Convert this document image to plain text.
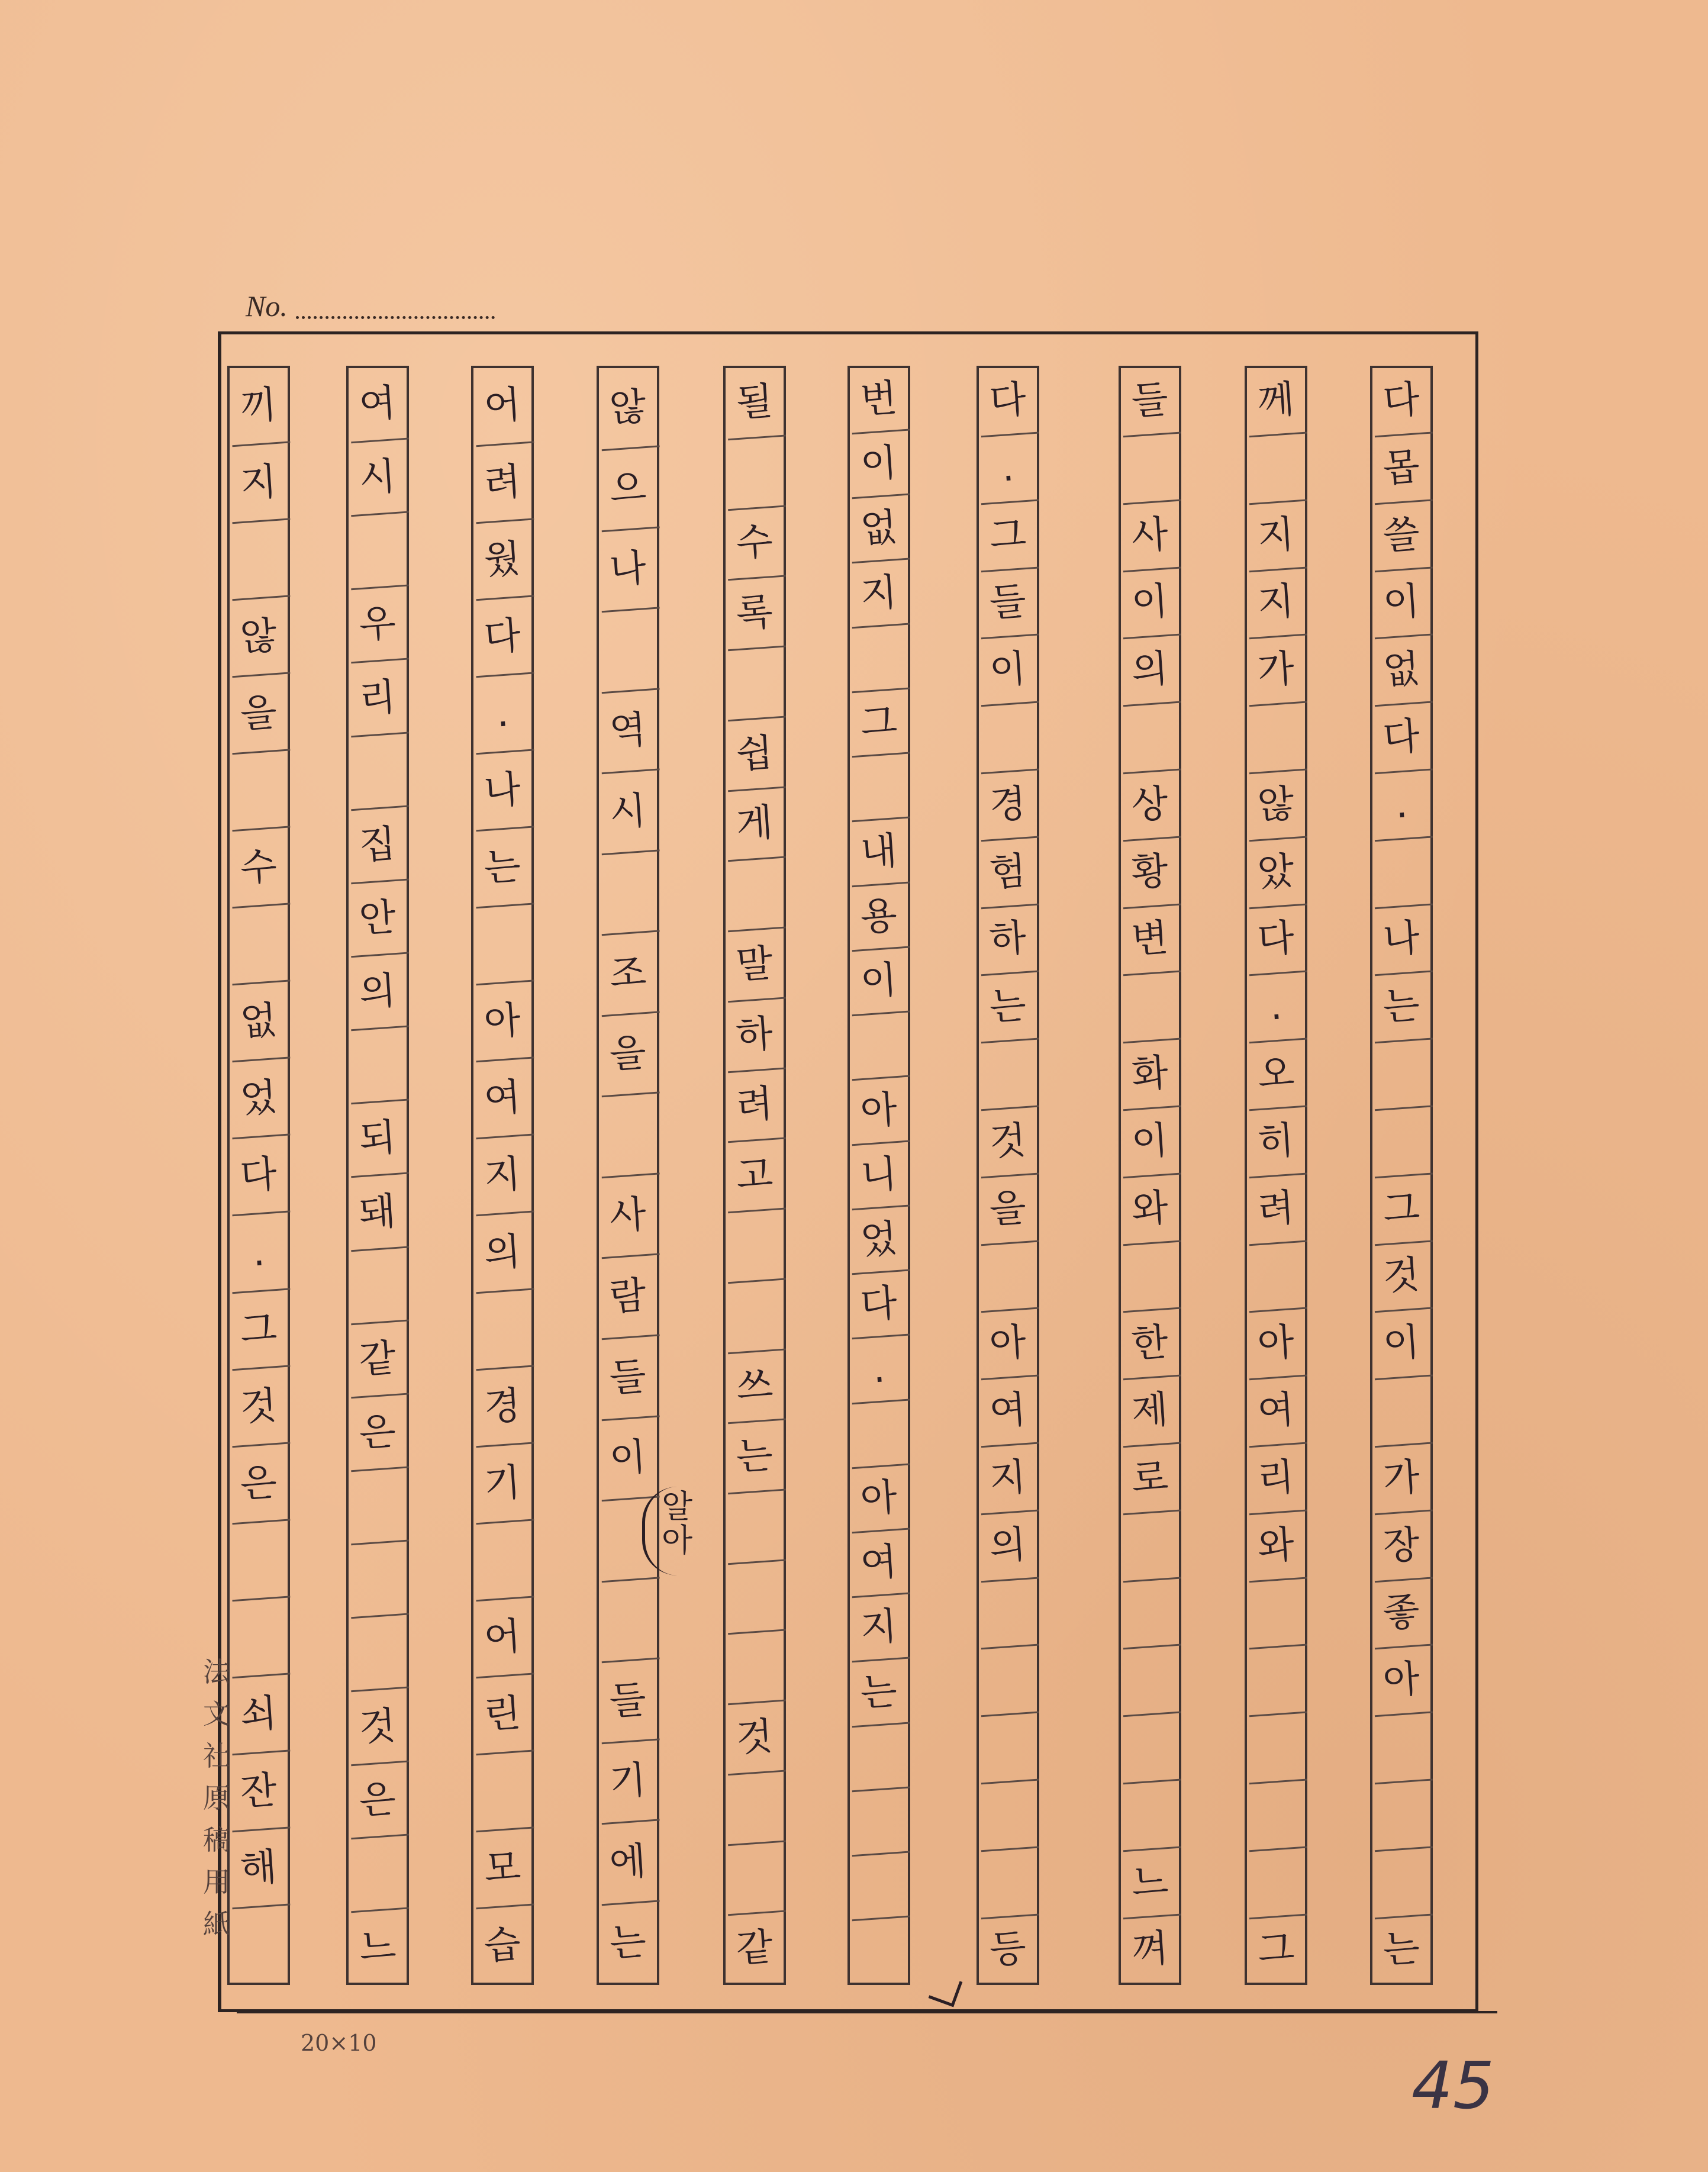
No.
다
몹
쓸
이
없
다
.
나
는
그
것
이
가
장
좋
아
는
께
지
지
가
않
았
다
.
오
히
려
아
여
리
와
그
들
사
이
의
상
황
변
화
이
와
한
제
로
느
껴
다
.
그
들
이
경
험
하
는
것
을
아
여
지
의
등
번
이
없
지
그
내
용
이
아
니
었
다
.
아
여
지
는
될
수
록
쉽
게
말
하
려
고
쓰
는
것
같
않
으
나
역
시
조
을
사
람
들
이
들
기
에
는
어
려
웠
다
.
나
는
아
여
지
의
경
기
어
린
모
습
여
시
우
리
집
안
의
되
돼
같
은
것
은
느
끼
지
않
을
수
없
었
다
.
그
것
은
쇠
잔
해
알
아
法
文
社
原
稿
用
紙
20×10
45
